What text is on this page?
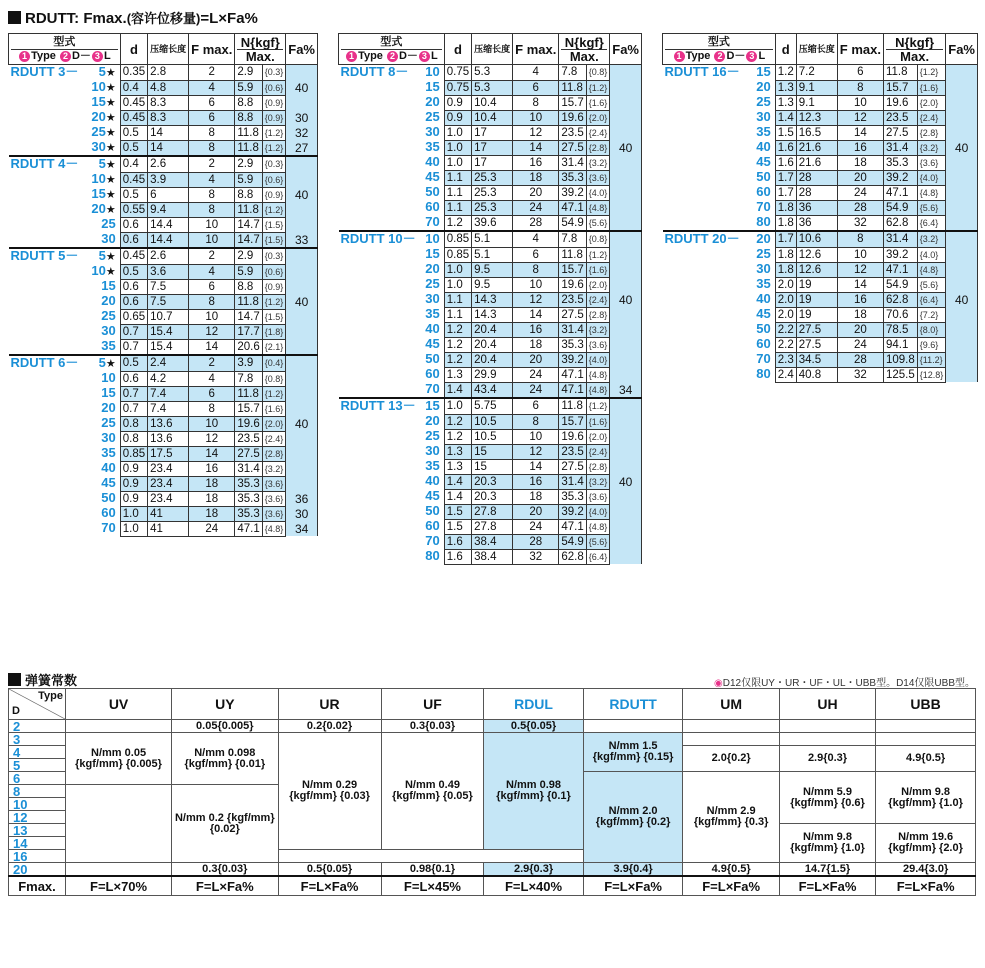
RDUTT: Fmax.(容许位移量)=L×Fa%
型式
1 Type 2 D－ 3 L	d	压缩长度	F max.	N{kgf}
Max.		Fa%

RDUTT 3－ 5★		0.35	2.8	2	2.9	{0.3}	
10★		0.4	4.8	4	5.9	{0.6}	40
15★		0.45	8.3	6	8.8	{0.9}	
20★		0.45	8.3	6	8.8	{0.9}	30
25★		0.5	14	8	11.8	{1.2}	32
30★		0.5	14	8	11.8	{1.2}	27

RDUTT 4－ 5★		0.4	2.6	2	2.9	{0.3}	
10★		0.45	3.9	4	5.9	{0.6}	
15★		0.5	6	8	8.8	{0.9}	40
20★		0.55	9.4	8	11.8	{1.2}	
25		0.6	14.4	10	14.7	{1.5}	
30		0.6	14.4	10	14.7	{1.5}	33

RDUTT 5－ 5★		0.45	2.6	2	2.9	{0.3}	
10★		0.5	3.6	4	5.9	{0.6}	
15		0.6	7.5	6	8.8	{0.9}	
20		0.6	7.5	8	11.8	{1.2}	40
25		0.65	10.7	10	14.7	{1.5}	
30		0.7	15.4	12	17.7	{1.8}	
35		0.7	15.4	14	20.6	{2.1}	

RDUTT 6－ 5★		0.5	2.4	2	3.9	{0.4}	
10		0.6	4.2	4	7.8	{0.8}	
15		0.7	7.4	6	11.8	{1.2}	
20		0.7	7.4	8	15.7	{1.6}	
25		0.8	13.6	10	19.6	{2.0}	40
30		0.8	13.6	12	23.5	{2.4}	
35		0.85	17.5	14	27.5	{2.8}	
40		0.9	23.4	16	31.4	{3.2}	
45		0.9	23.4	18	35.3	{3.6}	
50		0.9	23.4	18	35.3	{3.6}	36
60		1.0	41	18	35.3	{3.6}	30
70		1.0	41	24	47.1	{4.8}	34
型式
1 Type 2 D－ 3 L	d	压缩长度	F max.	N{kgf}
Max.		Fa%

RDUTT 8－ 10		0.75	5.3	4	7.8	{0.8}	
15		0.75	5.3	6	11.8	{1.2}	
20		0.9	10.4	8	15.7	{1.6}	
25		0.9	10.4	10	19.6	{2.0}	
30		1.0	17	12	23.5	{2.4}	
35		1.0	17	14	27.5	{2.8}	40
40		1.0	17	16	31.4	{3.2}	
45		1.1	25.3	18	35.3	{3.6}	
50		1.1	25.3	20	39.2	{4.0}	
60		1.1	25.3	24	47.1	{4.8}	
70		1.2	39.6	28	54.9	{5.6}	

RDUTT 10－ 10		0.85	5.1	4	7.8	{0.8}	
15		0.85	5.1	6	11.8	{1.2}	
20		1.0	9.5	8	15.7	{1.6}	
25		1.0	9.5	10	19.6	{2.0}	
30		1.1	14.3	12	23.5	{2.4}	40
35		1.1	14.3	14	27.5	{2.8}	
40		1.2	20.4	16	31.4	{3.2}	
45		1.2	20.4	18	35.3	{3.6}	
50		1.2	20.4	20	39.2	{4.0}	
60		1.3	29.9	24	47.1	{4.8}	
70		1.4	43.4	24	47.1	{4.8}	34

RDUTT 13－ 15		1.0	5.75	6	11.8	{1.2}	
20		1.2	10.5	8	15.7	{1.6}	
25		1.2	10.5	10	19.6	{2.0}	
30		1.3	15	12	23.5	{2.4}	
35		1.3	15	14	27.5	{2.8}	
40		1.4	20.3	16	31.4	{3.2}	40
45		1.4	20.3	18	35.3	{3.6}	
50		1.5	27.8	20	39.2	{4.0}	
60		1.5	27.8	24	47.1	{4.8}	
70		1.6	38.4	28	54.9	{5.6}	
80		1.6	38.4	32	62.8	{6.4}	
型式
1 Type 2 D－ 3 L	d	压缩长度	F max.	N{kgf}
Max.		Fa%

RDUTT 16－ 15		1.2	7.2	6	11.8	{1.2}	
20		1.3	9.1	8	15.7	{1.6}	
25		1.3	9.1	10	19.6	{2.0}	
30		1.4	12.3	12	23.5	{2.4}	
35		1.5	16.5	14	27.5	{2.8}	
40		1.6	21.6	16	31.4	{3.2}	40
45		1.6	21.6	18	35.3	{3.6}	
50		1.7	28	20	39.2	{4.0}	
60		1.7	28	24	47.1	{4.8}	
70		1.8	36	28	54.9	{5.6}	
80		1.8	36	32	62.8	{6.4}	

RDUTT 20－ 20		1.7	10.6	8	31.4	{3.2}	
25		1.8	12.6	10	39.2	{4.0}	
30		1.8	12.6	12	47.1	{4.8}	
35		2.0	19	14	54.9	{5.6}	
40		2.0	19	16	62.8	{6.4}	40
45		2.0	19	18	70.6	{7.2}	
50		2.2	27.5	20	78.5	{8.0}	
60		2.2	27.5	24	94.1	{9.6}	
70		2.3	34.5	28	109.8	{11.2}	
80		2.4	40.8	32	125.5	{12.8}	
弹簧常数	◉D12仅限UY・UR・UF・UL・UBB型。D14仅限UBB型。
Type
D	UV	UY	UR	UF	RDUL	RDUTT	UM	UH	UBB
2		0.05{0.005}	0.2{0.02}	0.3{0.03}	0.5{0.05}				
3	N/mm 0.05 {kgf/mm} {0.005}	N/mm 0.098 {kgf/mm} {0.01}	N/mm 0.29 {kgf/mm} {0.03}	N/mm 0.49 {kgf/mm} {0.05}	N/mm 0.98 {kgf/mm} {0.1}	N/mm 1.5 {kgf/mm} {0.15}			
4							2.0{0.2}	2.9{0.3}	4.9{0.5}
5									
6						N/mm 2.0 {kgf/mm} {0.2}	N/mm 2.9 {kgf/mm} {0.3}	N/mm 5.9 {kgf/mm} {0.6}	N/mm 9.8 {kgf/mm} {1.0}
8		N/mm 0.2 {kgf/mm} {0.02}							
10									
12									
13								N/mm 9.8 {kgf/mm} {1.0}	N/mm 19.6 {kgf/mm} {2.0}
14									
16									
20		0.3{0.03}	0.5{0.05}	0.98{0.1}	2.9{0.3}	3.9{0.4}	4.9{0.5}	14.7{1.5}	29.4{3.0}
Fmax.	F=L×70%	F=L×Fa%	F=L×Fa%	F=L×45%	F=L×40%	F=L×Fa%	F=L×Fa%	F=L×Fa%	F=L×Fa%
